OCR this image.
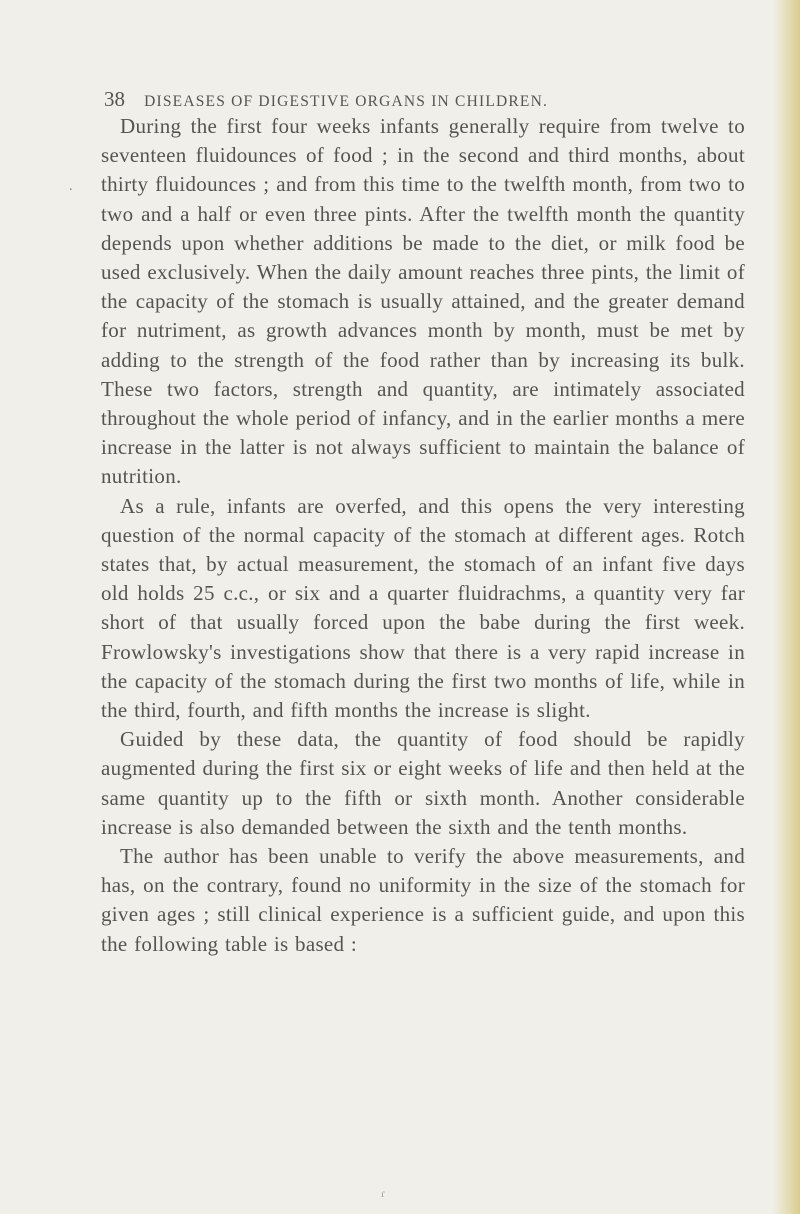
38 DISEASES OF DIGESTIVE ORGANS IN CHILDREN.

During the first four weeks infants generally require from twelve to seventeen fluidounces of food ; in the second and third months, about thirty fluidounces ; and from this time to the twelfth month, from two to two and a half or even three pints. After the twelfth month the quantity depends upon whether additions be made to the diet, or milk food be used exclusively. When the daily amount reaches three pints, the limit of the capacity of the stomach is usually attained, and the greater demand for nutriment, as growth advances month by month, must be met by adding to the strength of the food rather than by increasing its bulk. These two factors, strength and quantity, are intimately associated throughout the whole period of infancy, and in the earlier months a mere increase in the latter is not always sufficient to maintain the balance of nutrition.

As a rule, infants are overfed, and this opens the very interesting question of the normal capacity of the stomach at different ages. Rotch states that, by actual measurement, the stomach of an infant five days old holds 25 c.c., or six and a quarter fluidrachms, a quantity very far short of that usually forced upon the babe during the first week. Frowlowsky's investigations show that there is a very rapid increase in the capacity of the stomach during the first two months of life, while in the third, fourth, and fifth months the increase is slight.

Guided by these data, the quantity of food should be rapidly augmented during the first six or eight weeks of life and then held at the same quantity up to the fifth or sixth month. Another considerable increase is also demanded between the sixth and the tenth months.

The author has been unable to verify the above measurements, and has, on the contrary, found no uniformity in the size of the stomach for given ages ; still clinical experience is a sufficient guide, and upon this the following table is based :

.
ɾ
